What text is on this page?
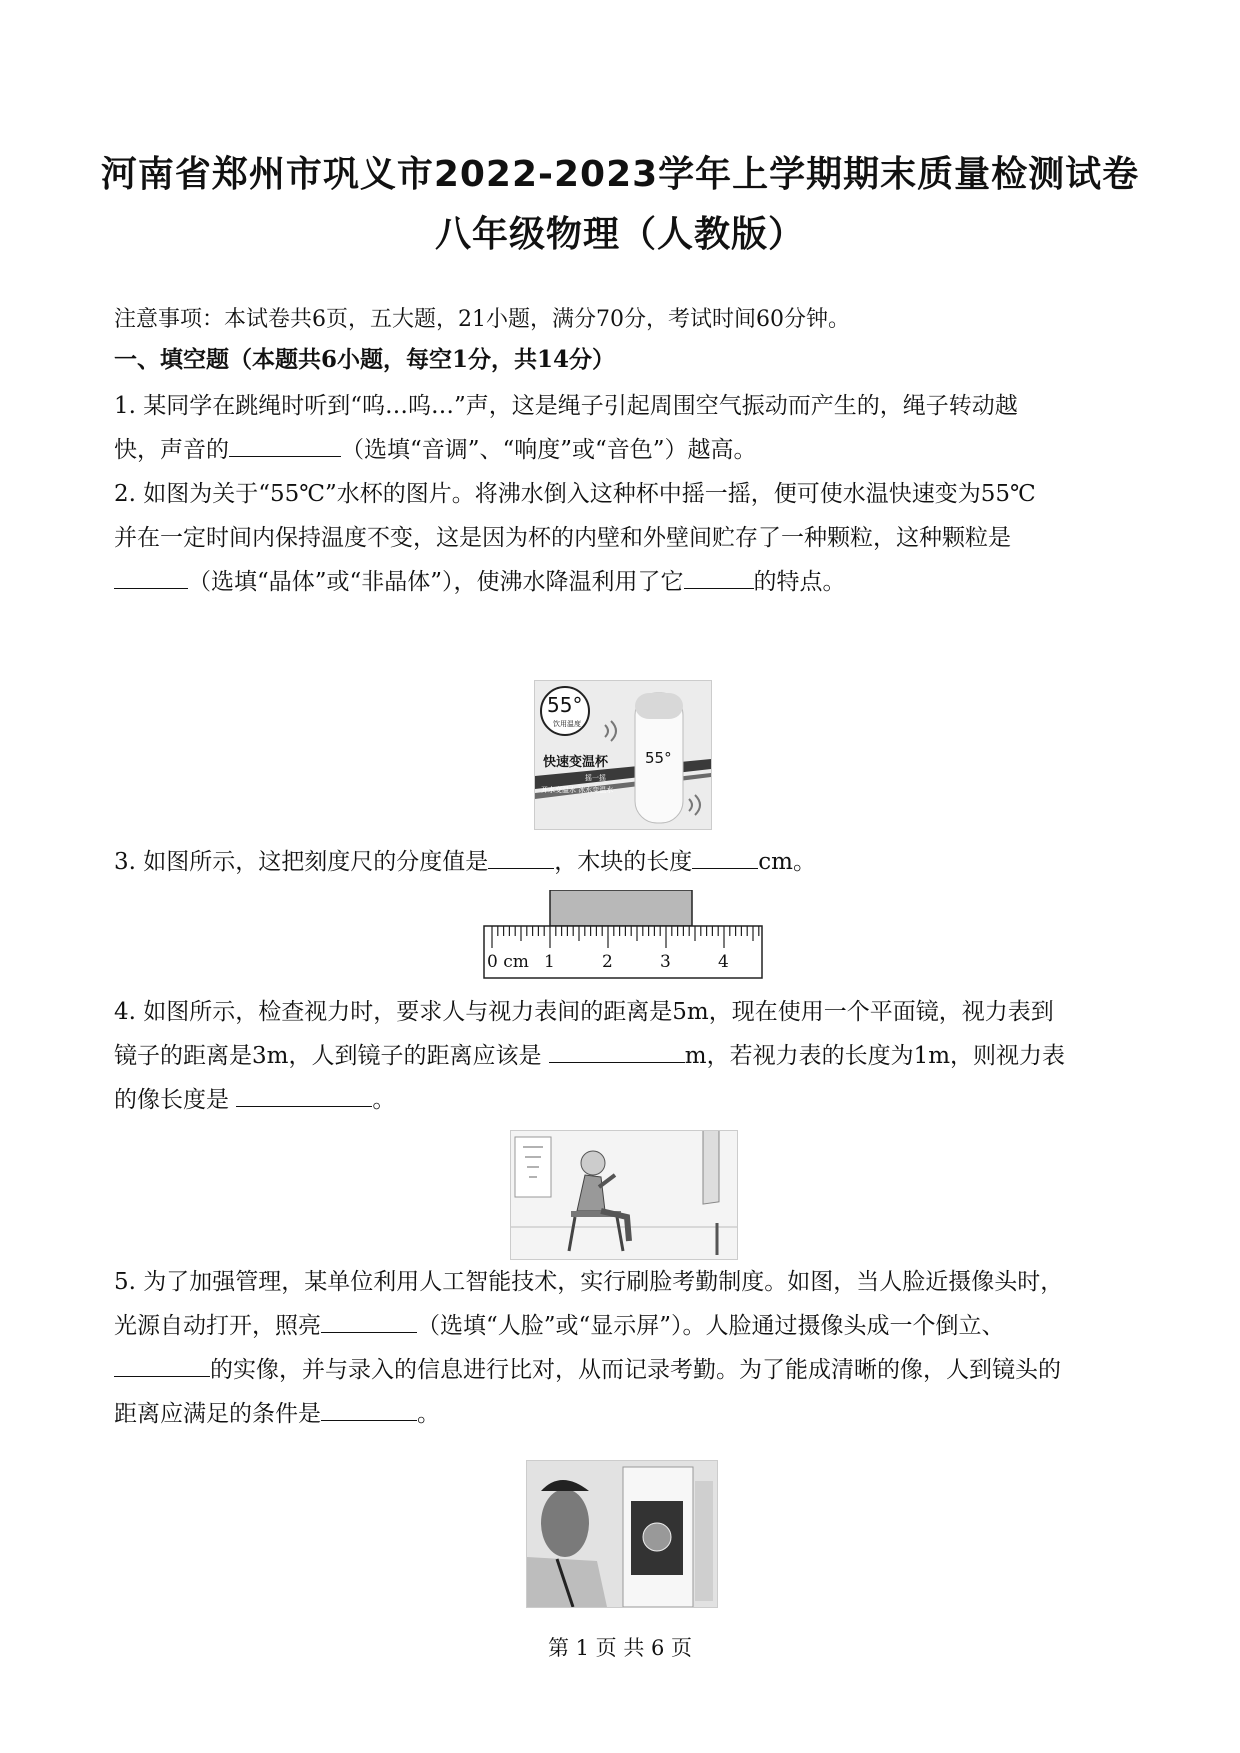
河南省郑州市巩义市2022-2023学年上学期期末质量检测试卷
八年级物理（人教版）
注意事项：本试卷共6页，五大题，21小题，满分70分，考试时间60分钟。
一、填空题（本题共6小题，每空1分，共14分）
1. 某同学在跳绳时听到“呜…呜…”声，这是绳子引起周围空气振动而产生的，绳子转动越
快，声音的	（选填“音调”、“响度”或“音色”）越高。
2. 如图为关于“55℃”水杯的图片。将沸水倒入这种杯中摇一摇，便可使水温快速变为55℃
并在一定时间内保持温度不变，这是因为杯的内壁和外壁间贮存了一种颗粒，这种颗粒是
（选填“晶体”或“非晶体”），使沸水降温利用了它	的特点。
55°
饮用温度
快速变温杯
摇一摇
开水变温水 冰水变温水
55°
3. 如图所示，这把刻度尺的分度值是	，木块的长度	cm。
0 cm 1	2	3	4
4. 如图所示，检查视力时，要求人与视力表间的距离是5m，现在使用一个平面镜，视力表到
镜子的距离是3m，人到镜子的距离应该是	m，若视力表的长度为1m，则视力表
的像长度是	。
5. 为了加强管理，某单位利用人工智能技术，实行刷脸考勤制度。如图，当人脸近摄像头时，
光源自动打开，照亮	（选填“人脸”或“显示屏”）。人脸通过摄像头成一个倒立、
的实像，并与录入的信息进行比对，从而记录考勤。为了能成清晰的像，人到镜头的
距离应满足的条件是	。
第 1 页 共 6 页
